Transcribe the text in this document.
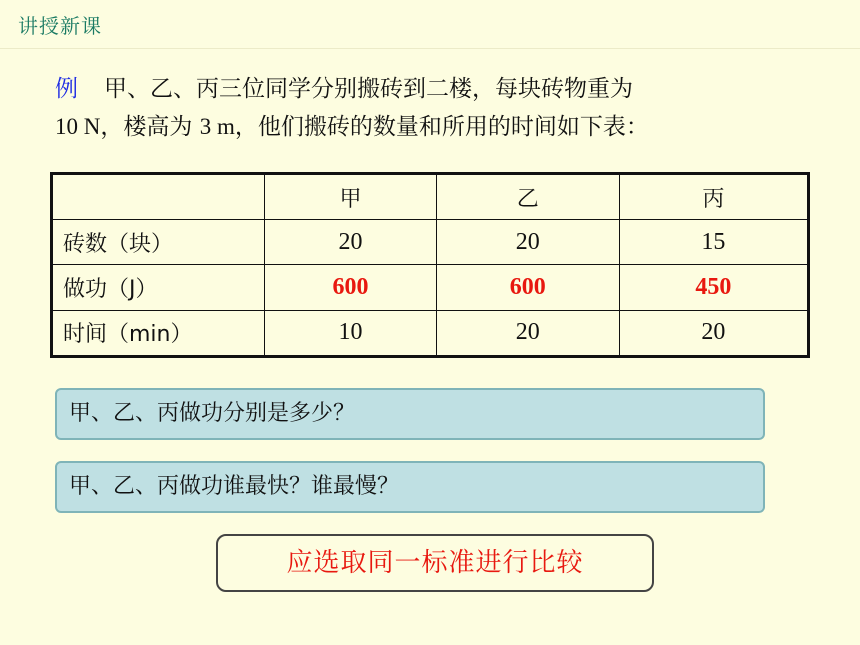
讲授新课
例 甲、乙、丙三位同学分别搬砖到二楼，每块砖物重为
10 N，楼高为 3 m，他们搬砖的数量和所用的时间如下表：
	甲	乙	丙
砖数（块）	20	20	15
做功（J）	600	600	450
时间（min）	10	20	20
甲、乙、丙做功分别是多少？
甲、乙、丙做功谁最快？谁最慢？
应选取同一标准进行比较
